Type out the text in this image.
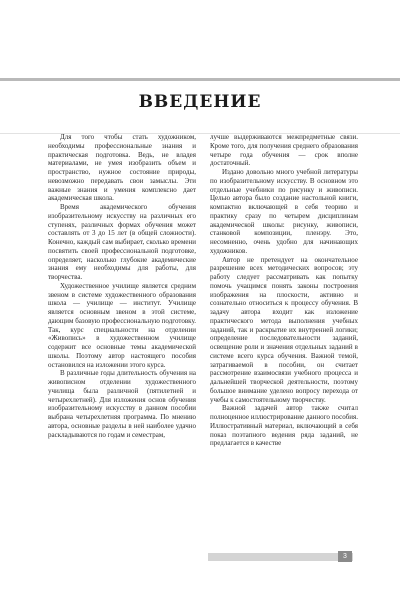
ВВЕДЕНИЕ

Для того чтобы стать художником, необходимы профессиональные знания и практическая подготовка. Ведь, не владея материалами, не умея изобразить объем и пространство, нужное состояние природы, невозможно передавать свои замыслы. Эти важные знания и умения комплексно дает академическая школа.

Время академического обучения изобразительному искусству на различных его ступенях, различных формах обучения может составлять от 3 до 15 лет (в общей сложности). Конечно, каждый сам выбирает, сколько времени посвятить своей профессиональной подготовке, определяет, насколько глубокие академические знания ему необходимы для работы, для творчества.

Художественное училище является средним звеном в системе художественного образования школа — училище — институт. Училище является основным звеном в этой системе, дающим базовую профессиональную подготовку. Так, курс специальности на отделении «Живопись» в художественном училище содержит все основные темы академической школы. Поэтому автор настоящего пособия остановился на изложении этого курса.

В различные годы длительность обучения на живописном отделении художественного училища была различной (пятилетней и четырехлетней). Для изложения основ обучения изобразительному искусству в данном пособии выбрана четырехлетняя программа. По мнению автора, основные разделы в ней наиболее удачно раскладываются по годам и семестрам,

лучше выдерживаются межпредметные связи. Кроме того, для получения среднего образования четыре года обучения — срок вполне достаточный.

Издано довольно много учебной литературы по изобразительному искусству. В основном это отдельные учебники по рисунку и живописи. Целью автора было создание настольной книги, компактно включающей в себя теорию и практику сразу по четырем дисциплинам академической школы: рисунку, живописи, станковой композиции, пленэру. Это, несомненно, очень удобно для начинающих художников.

Автор не претендует на окончательное разрешение всех методических вопросов; эту работу следует рассматривать как попытку помочь учащимся понять законы построения изображения на плоскости, активно и сознательно относиться к процессу обучения. В задачу автора входит как изложение практического метода выполнения учебных заданий, так и раскрытие их внутренней логики; определение последовательности заданий, освещение роли и значения отдельных заданий в системе всего курса обучения. Важной темой, затрагиваемой в пособии, он считает рассмотрение взаимосвязи учебного процесса и дальнейшей творческой деятельности, поэтому большое внимание уделено вопросу перехода от учебы к самостоятельному творчеству.

Важной задачей автор также считал полноценное иллюстрирование данного пособия. Иллюстративный материал, включающий в себя показ поэтапного ведения ряда заданий, не предлагается в качестве

3
